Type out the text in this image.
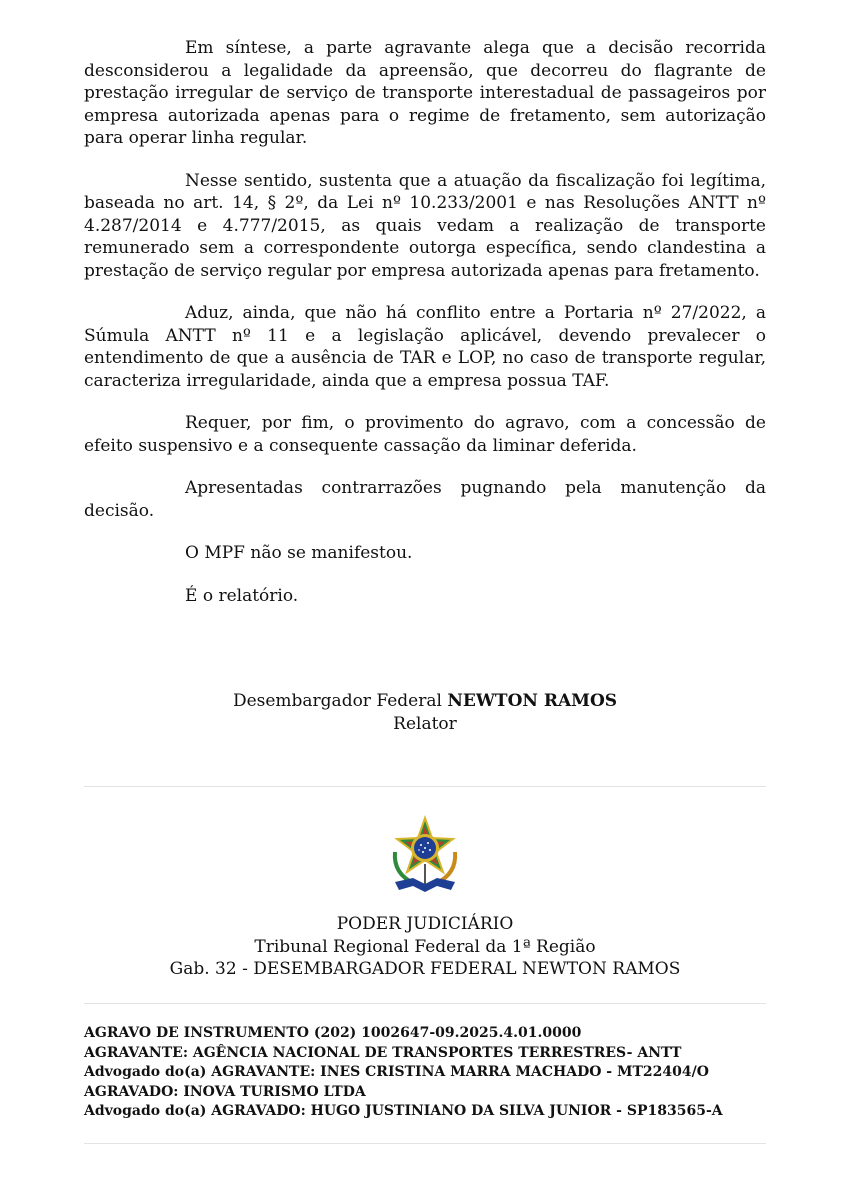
Em síntese, a parte agravante alega que a decisão recorrida desconsiderou a legalidade da apreensão, que decorreu do flagrante de prestação irregular de serviço de transporte interestadual de passageiros por empresa autorizada apenas para o regime de fretamento, sem autorização para operar linha regular.

Nesse sentido, sustenta que a atuação da fiscalização foi legítima, baseada no art. 14, § 2º, da Lei nº 10.233/2001 e nas Resoluções ANTT nº 4.287/2014 e 4.777/2015, as quais vedam a realização de transporte remunerado sem a correspondente outorga específica, sendo clandestina a prestação de serviço regular por empresa autorizada apenas para fretamento.

Aduz, ainda, que não há conflito entre a Portaria nº 27/2022, a Súmula ANTT nº 11 e a legislação aplicável, devendo prevalecer o entendimento de que a ausência de TAR e LOP, no caso de transporte regular, caracteriza irregularidade, ainda que a empresa possua TAF.

Requer, por fim, o provimento do agravo, com a concessão de efeito suspensivo e a consequente cassação da liminar deferida.

Apresentadas contrarrazões pugnando pela manutenção da decisão.

O MPF não se manifestou.

É o relatório.

Desembargador Federal NEWTON RAMOS
Relator
PODER JUDICIÁRIO
Tribunal Regional Federal da 1ª Região
Gab. 32 - DESEMBARGADOR FEDERAL NEWTON RAMOS
AGRAVO DE INSTRUMENTO (202) 1002647-09.2025.4.01.0000
AGRAVANTE: AGÊNCIA NACIONAL DE TRANSPORTES TERRESTRES- ANTT
Advogado do(a) AGRAVANTE: INES CRISTINA MARRA MACHADO - MT22404/O
AGRAVADO: INOVA TURISMO LTDA
Advogado do(a) AGRAVADO: HUGO JUSTINIANO DA SILVA JUNIOR - SP183565-A
